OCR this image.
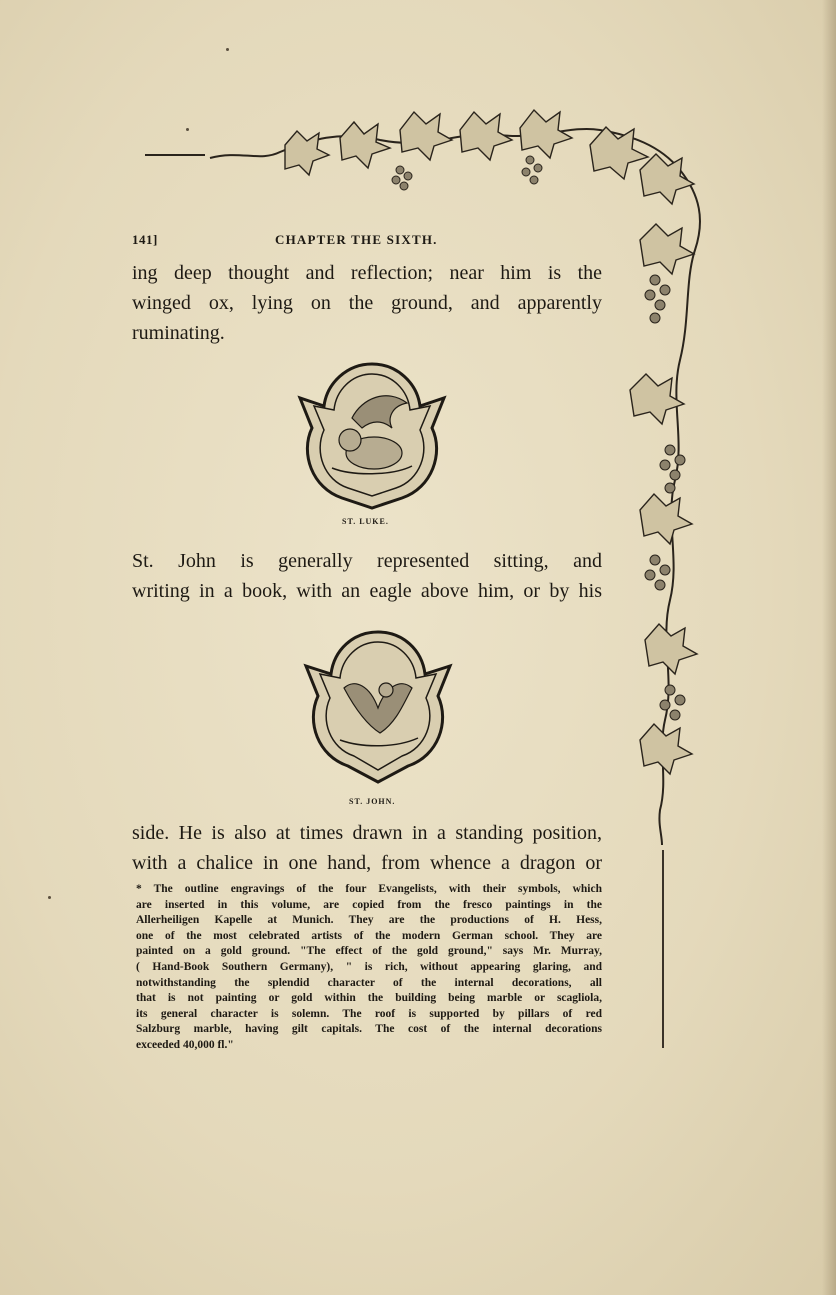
141]	CHAPTER THE SIXTH.
ing deep thought and reflection; near him is the
winged ox, lying on the ground, and apparently
ruminating.
ST. LUKE.
St. John is generally represented sitting, and
writing in a book, with an eagle above him, or by his
ST. JOHN.
side. He is also at times drawn in a standing position,
with a chalice in one hand, from whence a dragon or
* The outline engravings of the four Evangelists, with their symbols, which
are inserted in this volume, are copied from the fresco paintings in the
Allerheiligen Kapelle at Munich. They are the productions of H. Hess,
one of the most celebrated artists of the modern German school. They are
painted on a gold ground. "The effect of the gold ground," says Mr. Murray,
( Hand-Book Southern Germany), " is rich, without appearing glaring, and
notwithstanding the splendid character of the internal decorations, all
that is not painting or gold within the building being marble or scagliola,
its general character is solemn. The roof is supported by pillars of red
Salzburg marble, having gilt capitals. The cost of the internal decorations
exceeded 40,000 fl."
